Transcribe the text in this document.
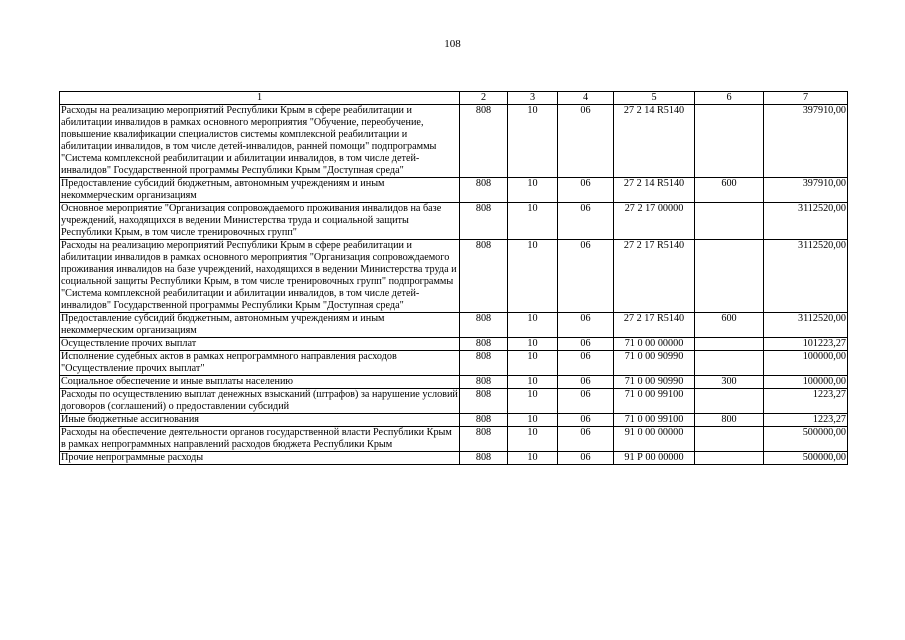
108
1	2	3	4	5	6	7
Расходы на реализацию мероприятий Республики Крым в сфере реабилитации и абилитации инвалидов в рамках основного мероприятия "Обучение, переобучение, повышение квалификации специалистов системы комплексной реабилитации и абилитации инвалидов, в том числе детей-инвалидов, ранней помощи" подпрограммы "Система комплексной реабилитации и абилитации инвалидов, в том числе детей-инвалидов" Государственной программы Республики Крым "Доступная среда"	808	10	06	27 2 14 R5140		397910,00
Предоставление субсидий бюджетным, автономным учреждениям и иным некоммерческим организациям	808	10	06	27 2 14 R5140	600	397910,00
Основное мероприятие "Организация сопровождаемого проживания инвалидов на базе учреждений, находящихся в ведении Министерства труда и социальной защиты Республики Крым, в том числе тренировочных групп"	808	10	06	27 2 17 00000		3112520,00
Расходы на реализацию мероприятий Республики Крым в сфере реабилитации и абилитации инвалидов в рамках основного мероприятия "Организация сопровождаемого проживания инвалидов на базе учреждений, находящихся в ведении Министерства труда и социальной защиты Республики Крым, в том числе тренировочных групп" подпрограммы "Система комплексной реабилитации и абилитации инвалидов, в том числе детей-инвалидов" Государственной программы Республики Крым "Доступная среда"	808	10	06	27 2 17 R5140		3112520,00
Предоставление субсидий бюджетным, автономным учреждениям и иным некоммерческим организациям	808	10	06	27 2 17 R5140	600	3112520,00
Осуществление прочих выплат	808	10	06	71 0 00 00000		101223,27
Исполнение судебных актов в рамках непрограммного направления расходов "Осуществление прочих выплат"	808	10	06	71 0 00 90990		100000,00
Социальное обеспечение и иные выплаты населению	808	10	06	71 0 00 90990	300	100000,00
Расходы по осуществлению выплат денежных взысканий (штрафов) за нарушение условий договоров (соглашений) о предоставлении субсидий	808	10	06	71 0 00 99100		1223,27
Иные бюджетные ассигнования	808	10	06	71 0 00 99100	800	1223,27
Расходы на обеспечение деятельности органов государственной власти Республики Крым в рамках непрограммных направлений расходов бюджета Республики Крым	808	10	06	91 0 00 00000		500000,00
Прочие непрограммные расходы	808	10	06	91 Р 00 00000		500000,00
